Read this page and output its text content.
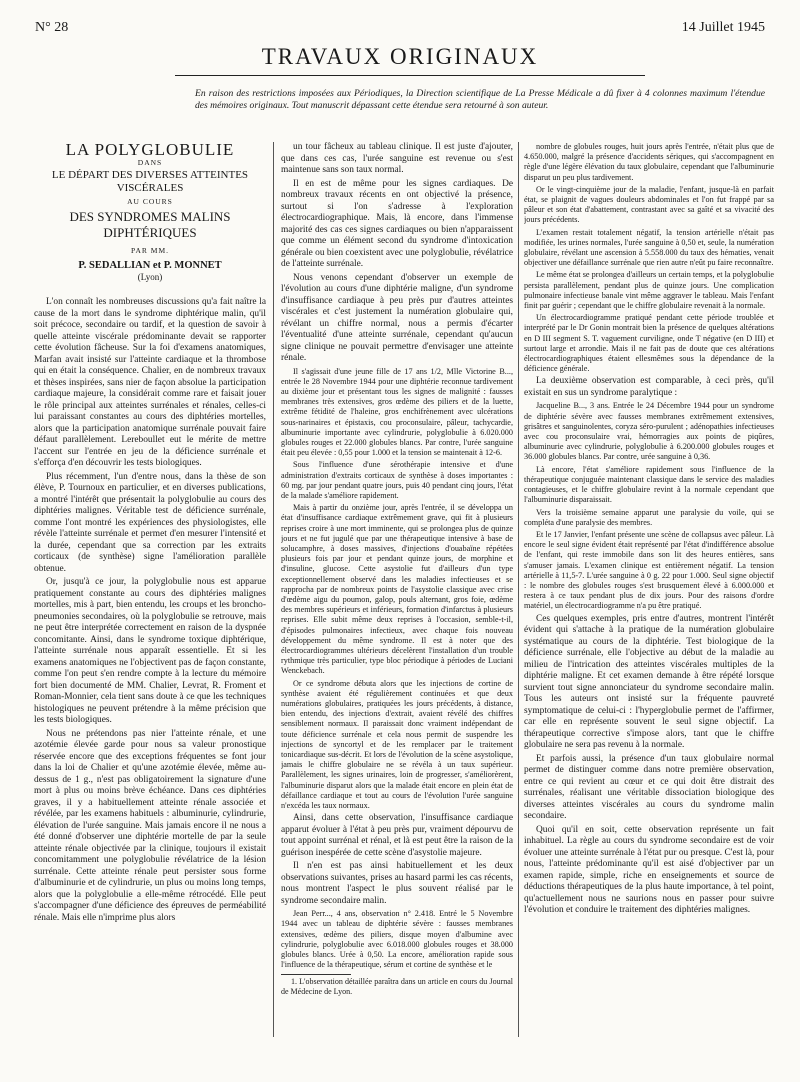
N° 28	14 Juillet 1945
TRAVAUX ORIGINAUX
En raison des restrictions imposées aux Périodiques, la Direction scientifique de La Presse Médicale a dû fixer à 4 colonnes maximum l'étendue des mémoires originaux. Tout manuscrit dépassant cette étendue sera retourné à son auteur.
LA POLYGLOBULIE
DANS
LE DÉPART DES DIVERSES ATTEINTES VISCÉRALES
AU COURS
DES SYNDROMES MALINS DIPHTÉRIQUES
PAR MM.
P. SEDALLIAN et P. MONNET
(Lyon)

L'on connaît les nombreuses discussions qu'a fait naître la cause de la mort dans le syndrome diphtérique malin, qu'il soit précoce, secondaire ou tardif, et la question de savoir à quelle atteinte viscérale prédominante devait se rapporter cette évolution fâcheuse. Sur la foi d'examens anatomiques, Marfan avait insisté sur l'atteinte cardiaque et la thrombose qui en était la conséquence. Chalier, en de nombreux travaux et thèses inspirées, sans nier de façon absolue la participation cardiaque majeure, la considérait comme rare et faisait jouer le rôle principal aux atteintes surrénales et rénales, celles-ci lui paraissant constantes au cours des diphtéries mortelles, alors que la participation anatomique surrénale pouvait faire défaut parallèlement. Lereboullet eut le mérite de mettre l'accent sur l'entrée en jeu de la déficience surrénale et s'efforça d'en découvrir les tests biologiques.

Plus récemment, l'un d'entre nous, dans la thèse de son élève, P. Tournoux en particulier, et en diverses publications, a montré l'intérêt que présentait la polyglobulie au cours des diphtéries malignes. Véritable test de déficience surrénale, comme l'ont montré les expériences des physiologistes, elle révèle l'atteinte surrénale et permet d'en mesurer l'intensité et la durée, cependant que sa correction par les extraits corticaux (de synthèse) signe l'amélioration parallèle obtenue.

Or, jusqu'à ce jour, la polyglobulie nous est apparue pratiquement constante au cours des diphtéries malignes mortelles, mis à part, bien entendu, les croups et les broncho-pneumonies secondaires, où la polyglobulie se retrouve, mais ne peut être interprétée correctement en raison de la dyspnée concomitante. Ainsi, dans le syndrome toxique diphtérique, l'atteinte surrénale nous apparaît essentielle. Et si les examens anatomiques ne l'objectivent pas de façon constante, comme l'on peut s'en rendre compte à la lecture du mémoire fort bien documenté de MM. Chalier, Levrat, R. Froment et Roman-Monnier, cela tient sans doute à ce que les techniques histologiques ne peuvent prétendre à la même précision que les tests biologiques.

Nous ne prétendons pas nier l'atteinte rénale, et une azotémie élevée garde pour nous sa valeur pronostique réservée encore que des exceptions fréquentes se font jour dans la loi de Chalier et qu'une azotémie élevée, même au-dessus de 1 g., n'est pas obligatoirement la signature d'une mort à plus ou moins brève échéance. Dans ces diphtéries graves, il y a habituellement atteinte rénale associée et révélée, par les examens habituels : albuminurie, cylindrurie, élévation de l'urée sanguine. Mais jamais encore il ne nous a été donné d'observer une diphtérie mortelle de par la seule atteinte rénale objectivée par la clinique, toujours il existait concomitamment une polyglobulie révélatrice de la lésion surrénale. Cette atteinte rénale peut persister sous forme d'albuminurie et de cylindrurie, un plus ou moins long temps, alors que la polyglobulie a elle-même rétrocédé. Elle peut s'accompagner d'une déficience des épreuves de perméabilité rénale. Mais elle n'imprime plus alors

un tour fâcheux au tableau clinique. Il est juste d'ajouter, que dans ces cas, l'urée sanguine est revenue ou s'est maintenue sans son taux normal.

Il en est de même pour les signes cardiaques. De nombreux travaux récents en ont objectivé la présence, surtout si l'on s'adresse à l'exploration électrocardiographique. Mais, là encore, dans l'immense majorité des cas ces signes cardiaques ou bien n'apparaissent que comme un élément second du syndrome d'intoxication générale ou bien coexistent avec une polyglobulie, révélatrice de l'atteinte surrénale.

Nous venons cependant d'observer un exemple de l'évolution au cours d'une diphtérie maligne, d'un syndrome d'insuffisance cardiaque à peu près pur d'autres atteintes viscérales et c'est justement la numération globulaire qui, révélant un chiffre normal, nous a permis d'écarter l'éventualité d'une atteinte surrénale, cependant qu'aucun signe clinique ne pouvait permettre d'envisager une atteinte rénale.

Il s'agissait d'une jeune fille de 17 ans 1/2, Mlle Victorine B..., entrée le 28 Novembre 1944 pour une diphtérie reconnue tardivement au dixième jour et présentant tous les signes de malignité : fausses membranes très extensives, gros œdème des piliers et de la luette, extrême fétidité de l'haleine, gros enchifrènement avec ulcérations sous-narinaires et épistaxis, cou proconsulaire, pâleur, tachycardie, albuminurie importante avec cylindrurie, polyglobulie à 6.020.000 globules rouges et 22.000 globules blancs. Par contre, l'urée sanguine était peu élevée : 0,55 pour 1.000 et la tension se maintenait à 12-6.

Sous l'influence d'une sérothérapie intensive et d'une administration d'extraits corticaux de synthèse à doses importantes : 60 mg. par jour pendant quatre jours, puis 40 pendant cinq jours, l'état de la malade s'améliore rapidement.

Mais à partir du onzième jour, après l'entrée, il se développa un état d'insuffisance cardiaque extrêmement grave, qui fit à plusieurs reprises croire à une mort imminente, qui se prolongea plus de quinze jours et ne fut jugulé que par une thérapeutique intensive à base de solucamphre, à doses massives, d'injections d'ouabaïne répétées plusieurs fois par jour et pendant quinze jours, de morphine et d'insuline, glucose. Cette asystolie fut d'ailleurs d'un type exceptionnellement observé dans les maladies infectieuses et se rapprocha par de nombreux points de l'asystolie classique avec crise d'œdème aigu du poumon, galop, pouls alternant, gros foie, œdème des membres supérieurs et inférieurs, formation d'infarctus à plusieurs reprises. Elle subit même deux reprises à l'occasion, semble-t-il, d'épisodes pulmonaires infectieux, avec chaque fois nouveau développement du même syndrome. Il est à noter que des électrocardiogrammes ultérieurs décelèrent l'installation d'un trouble rythmique très particulier, type bloc périodique à périodes de Luciani Wenckebach.

Or ce syndrome débuta alors que les injections de cortine de synthèse avaient été régulièrement continuées et que deux numérations globulaires, pratiquées les jours précédents, à distance, bien entendu, des injections d'extrait, avaient révélé des chiffres sensiblement normaux. Il paraissait donc vraiment indépendant de toute déficience surrénale et cela nous permit de suspendre les injections de syncortyl et de les remplacer par le traitement tonicardiaque sus-décrit. Et lors de l'évolution de la scène asystolique, jamais le chiffre globulaire ne se révéla à un taux supérieur. Parallèlement, les signes urinaires, loin de progresser, s'améliorèrent, l'albuminurie disparut alors que la malade était encore en plein état de défaillance cardiaque et tout au cours de l'évolution l'urée sanguine n'excéda les taux normaux.

Ainsi, dans cette observation, l'insuffisance cardiaque apparut évoluer à l'état à peu près pur, vraiment dépourvu de tout appoint surrénal et rénal, et là est peut être la raison de la guérison inespérée de cette scène d'asystolie majeure.

Il n'en est pas ainsi habituellement et les deux observations suivantes, prises au hasard parmi les cas récents, nous montrent l'aspect le plus souvent réalisé par le syndrome secondaire malin.

Jean Perr..., 4 ans, observation n° 2.418. Entré le 5 Novembre 1944 avec un tableau de diphtérie sévère : fausses membranes extensives, œdème des piliers, disque moyen d'albumine avec cylindrurie, polyglobulie avec 6.018.000 globules rouges et 38.000 globules blancs. Urée à 0,50. La encore, amélioration rapide sous l'influence de la thérapeutique, sérum et cortine de synthèse et le

1. L'observation détaillée paraîtra dans un article en cours du Journal de Médecine de Lyon.

nombre de globules rouges, huit jours après l'entrée, n'était plus que de 4.650.000, malgré la présence d'accidents sériques, qui s'accompagnent en règle d'une légère élévation du taux globulaire, cependant que l'albuminurie disparut un peu plus tardivement.

Or le vingt-cinquième jour de la maladie, l'enfant, jusque-là en parfait état, se plaignit de vagues douleurs abdominales et l'on fut frappé par sa pâleur et son état d'abattement, contrastant avec sa gaîté et sa vivacité des jours précédents.

L'examen restait totalement négatif, la tension artérielle n'était pas modifiée, les urines normales, l'urée sanguine à 0,50 et, seule, la numération globulaire, révélant une ascension à 5.558.000 du taux des hématies, venait objectiver une défaillance surrénale que rien autre n'eût pu faire reconnaître.

Le même état se prolongea d'ailleurs un certain temps, et la polyglobulie persista parallèlement, pendant plus de quinze jours. Une complication pulmonaire infectieuse banale vint même aggraver le tableau. Mais l'enfant finit par guérir ; cependant que le chiffre globulaire revenait à la normale.

Un électrocardiogramme pratiqué pendant cette période troublée et interprété par le Dr Gonin montrait bien la présence de quelques altérations en D III segment S. T. vaguement curviligne, onde T négative (en D III) et surtout large et arrondie. Mais il ne fait pas de doute que ces altérations électrocardiographiques étaient ellesmêmes sous la dépendance de la déficience générale.

La deuxième observation est comparable, à ceci près, qu'il existait en sus un syndrome paralytique :

Jacqueline B..., 3 ans. Entrée le 24 Décembre 1944 pour un syndrome de diphtérie sévère avec fausses membranes extrêmement extensives, grisâtres et sanguinolentes, coryza séro-purulent ; adénopathies infectieuses avec cou proconsulaire vrai, hémorragies aux points de piqûres, albuminurie avec cylindrurie, polyglobulie à 6.200.000 globules rouges et 36.000 globules blancs. Par contre, urée sanguine à 0,36.

Là encore, l'état s'améliore rapidement sous l'influence de la thérapeutique conjuguée maintenant classique dans le service des maladies contagieuses, et le chiffre globulaire revint à la normale cependant que l'albuminurie disparaissait.

Vers la troisième semaine apparut une paralysie du voile, qui se compléta d'une paralysie des membres.

Et le 17 Janvier, l'enfant présente une scène de collapsus avec pâleur. Là encore le seul signe évident était représenté par l'état d'indifférence absolue de l'enfant, qui reste immobile dans son lit des heures entières, sans s'amuser jamais. L'examen clinique est entièrement négatif. La tension artérielle à 11,5-7. L'urée sanguine à 0 g. 22 pour 1.000. Seul signe objectif : le nombre des globules rouges s'est brusquement élevé à 6.000.000 et restera à ce taux pendant plus de dix jours. Pour des raisons d'ordre matériel, un électrocardiogramme n'a pu être pratiqué.

Ces quelques exemples, pris entre d'autres, montrent l'intérêt évident qui s'attache à la pratique de la numération globulaire systématique au cours de la diphtérie. Test biologique de la déficience surrénale, elle l'objective au début de la maladie au milieu de l'intrication des atteintes viscérales multiples de la diphtérie maligne. Et cet examen demande à être répété lorsque survient tout signe annonciateur du syndrome secondaire malin. Tous les auteurs ont insisté sur la fréquente pauvreté symptomatique de celui-ci : l'hyperglobulie permet de l'affirmer, car elle en représente souvent le seul signe objectif. La thérapeutique corrective s'impose alors, tant que le chiffre globulaire ne sera pas revenu à la normale.

Et parfois aussi, la présence d'un taux globulaire normal permet de distinguer comme dans notre première observation, entre ce qui revient au cœur et ce qui doit être distrait des surrénales, réalisant une véritable dissociation biologique des diverses atteintes viscérales au cours du syndrome malin secondaire.

Quoi qu'il en soit, cette observation représente un fait inhabituel. La règle au cours du syndrome secondaire est de voir évoluer une atteinte surrénale à l'état pur ou presque. C'est là, pour nous, l'atteinte prédominante qu'il est aisé d'objectiver par un examen rapide, simple, riche en enseignements et source de déductions thérapeutiques de la plus haute importance, à tel point, qu'actuellement nous ne saurions nous en passer pour suivre l'évolution et conduire le traitement des diphtéries malignes.
